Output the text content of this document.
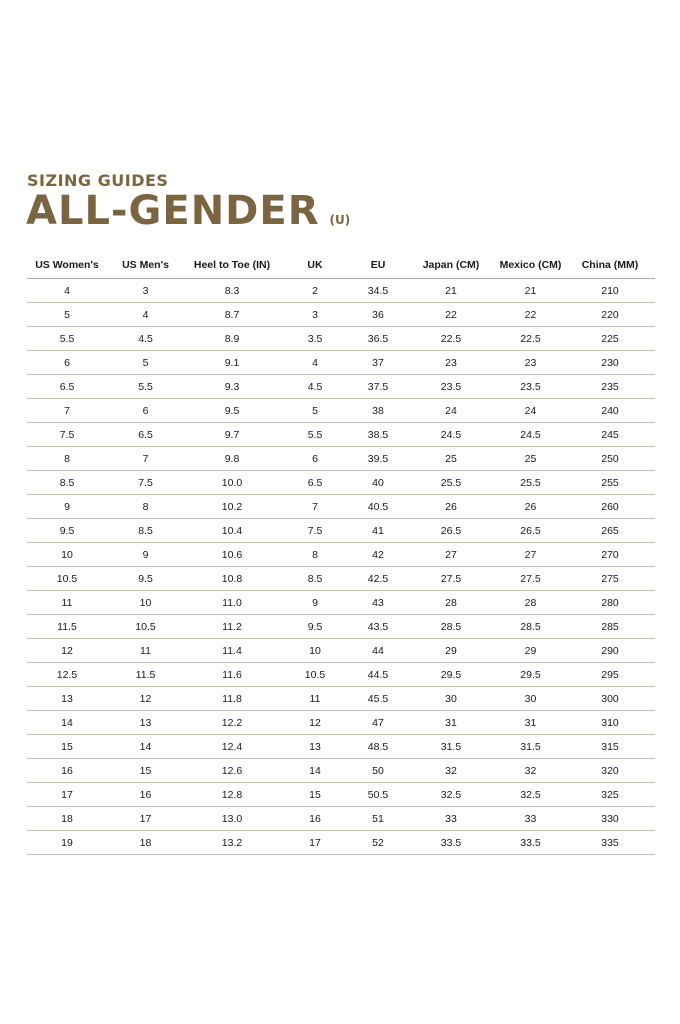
SIZING GUIDES
ALL-GENDER (U)
US Women's	US Men's	Heel to Toe (IN)	UK	EU	Japan (CM)	Mexico (CM)	China (MM)
4	3	8.3	2	34.5	21	21	210
5	4	8.7	3	36	22	22	220
5.5	4.5	8.9	3.5	36.5	22.5	22.5	225
6	5	9.1	4	37	23	23	230
6.5	5.5	9.3	4.5	37.5	23.5	23.5	235
7	6	9.5	5	38	24	24	240
7.5	6.5	9.7	5.5	38.5	24.5	24.5	245
8	7	9.8	6	39.5	25	25	250
8.5	7.5	10.0	6.5	40	25.5	25.5	255
9	8	10.2	7	40.5	26	26	260
9.5	8.5	10.4	7.5	41	26.5	26.5	265
10	9	10.6	8	42	27	27	270
10.5	9.5	10.8	8.5	42.5	27.5	27.5	275
11	10	11.0	9	43	28	28	280
11.5	10.5	11.2	9.5	43.5	28.5	28.5	285
12	11	11.4	10	44	29	29	290
12.5	11.5	11.6	10.5	44.5	29.5	29.5	295
13	12	11.8	11	45.5	30	30	300
14	13	12.2	12	47	31	31	310
15	14	12.4	13	48.5	31.5	31.5	315
16	15	12.6	14	50	32	32	320
17	16	12.8	15	50.5	32.5	32.5	325
18	17	13.0	16	51	33	33	330
19	18	13.2	17	52	33.5	33.5	335
